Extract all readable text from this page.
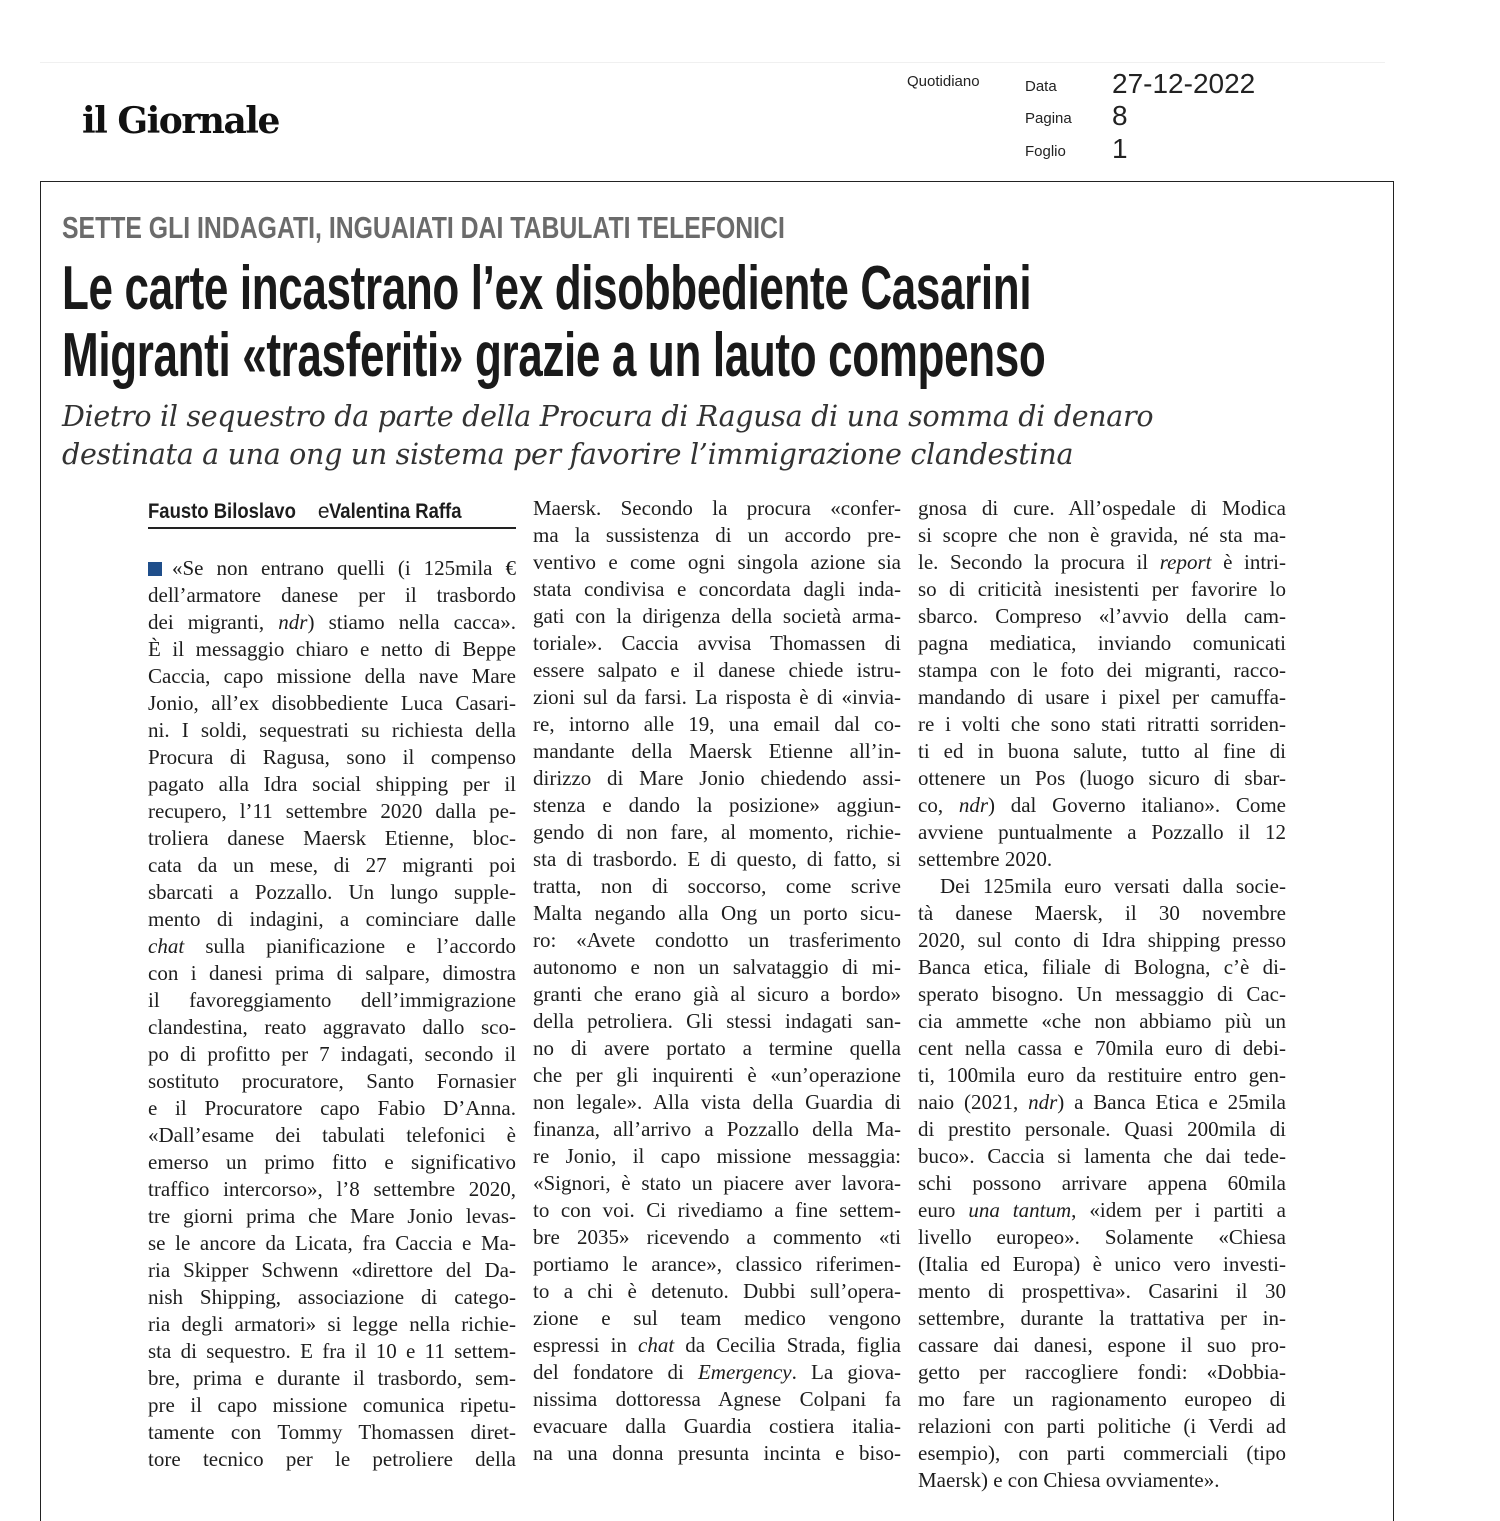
il Giornale
Quotidiano	Data 27-12-2022
Pagina 8
Foglio 1
SETTE GLI INDAGATI, INGUAIATI DAI TABULATI TELEFONICI
Le carte incastrano l’ex disobbediente Casarini
Migranti «trasferiti» grazie a un lauto compenso
Dietro il sequestro da parte della Procura di Ragusa di una somma di denaro
destinata a una ong un sistema per favorire l’immigrazione clandestina
Fausto Biloslavo e Valentina Raffa
«Se non entrano quelli (i 125mila €
dell’armatore danese per il trasbordo
dei migranti, ndr) stiamo nella cacca».
È il messaggio chiaro e netto di Beppe
Caccia, capo missione della nave Mare
Jonio, all’ex disobbediente Luca Casari-
ni. I soldi, sequestrati su richiesta della
Procura di Ragusa, sono il compenso
pagato alla Idra social shipping per il
recupero, l’11 settembre 2020 dalla pe-
troliera danese Maersk Etienne, bloc-
cata da un mese, di 27 migranti poi
sbarcati a Pozzallo. Un lungo supple-
mento di indagini, a cominciare dalle
chat sulla pianificazione e l’accordo
con i danesi prima di salpare, dimostra
il favoreggiamento dell’immigrazione
clandestina, reato aggravato dallo sco-
po di profitto per 7 indagati, secondo il
sostituto procuratore, Santo Fornasier
e il Procuratore capo Fabio D’Anna.
«Dall’esame dei tabulati telefonici è
emerso un primo fitto e significativo
traffico intercorso», l’8 settembre 2020,
tre giorni prima che Mare Jonio levas-
se le ancore da Licata, fra Caccia e Ma-
ria Skipper Schwenn «direttore del Da-
nish Shipping, associazione di catego-
ria degli armatori» si legge nella richie-
sta di sequestro. E fra il 10 e 11 settem-
bre, prima e durante il trasbordo, sem-
pre il capo missione comunica ripetu-
tamente con Tommy Thomassen diret-
tore tecnico per le petroliere della
Maersk. Secondo la procura «confer-
ma la sussistenza di un accordo pre-
ventivo e come ogni singola azione sia
stata condivisa e concordata dagli inda-
gati con la dirigenza della società arma-
toriale». Caccia avvisa Thomassen di
essere salpato e il danese chiede istru-
zioni sul da farsi. La risposta è di «invia-
re, intorno alle 19, una email dal co-
mandante della Maersk Etienne all’in-
dirizzo di Mare Jonio chiedendo assi-
stenza e dando la posizione» aggiun-
gendo di non fare, al momento, richie-
sta di trasbordo. E di questo, di fatto, si
tratta, non di soccorso, come scrive
Malta negando alla Ong un porto sicu-
ro: «Avete condotto un trasferimento
autonomo e non un salvataggio di mi-
granti che erano già al sicuro a bordo»
della petroliera. Gli stessi indagati san-
no di avere portato a termine quella
che per gli inquirenti è «un’operazione
non legale». Alla vista della Guardia di
finanza, all’arrivo a Pozzallo della Ma-
re Jonio, il capo missione messaggia:
«Signori, è stato un piacere aver lavora-
to con voi. Ci rivediamo a fine settem-
bre 2035» ricevendo a commento «ti
portiamo le arance», classico riferimen-
to a chi è detenuto. Dubbi sull’opera-
zione e sul team medico vengono
espressi in chat da Cecilia Strada, figlia
del fondatore di Emergency. La giova-
nissima dottoressa Agnese Colpani fa
evacuare dalla Guardia costiera italia-
na una donna presunta incinta e biso-
gnosa di cure. All’ospedale di Modica
si scopre che non è gravida, né sta ma-
le. Secondo la procura il report è intri-
so di criticità inesistenti per favorire lo
sbarco. Compreso «l’avvio della cam-
pagna mediatica, inviando comunicati
stampa con le foto dei migranti, racco-
mandando di usare i pixel per camuffa-
re i volti che sono stati ritratti sorriden-
ti ed in buona salute, tutto al fine di
ottenere un Pos (luogo sicuro di sbar-
co, ndr) dal Governo italiano». Come
avviene puntualmente a Pozzallo il 12
settembre 2020.
Dei 125mila euro versati dalla socie-
tà danese Maersk, il 30 novembre
2020, sul conto di Idra shipping presso
Banca etica, filiale di Bologna, c’è di-
sperato bisogno. Un messaggio di Cac-
cia ammette «che non abbiamo più un
cent nella cassa e 70mila euro di debi-
ti, 100mila euro da restituire entro gen-
naio (2021, ndr) a Banca Etica e 25mila
di prestito personale. Quasi 200mila di
buco». Caccia si lamenta che dai tede-
schi possono arrivare appena 60mila
euro una tantum, «idem per i partiti a
livello europeo». Solamente «Chiesa
(Italia ed Europa) è unico vero investi-
mento di prospettiva». Casarini il 30
settembre, durante la trattativa per in-
cassare dai danesi, espone il suo pro-
getto per raccogliere fondi: «Dobbia-
mo fare un ragionamento europeo di
relazioni con parti politiche (i Verdi ad
esempio), con parti commerciali (tipo
Maersk) e con Chiesa ovviamente».
